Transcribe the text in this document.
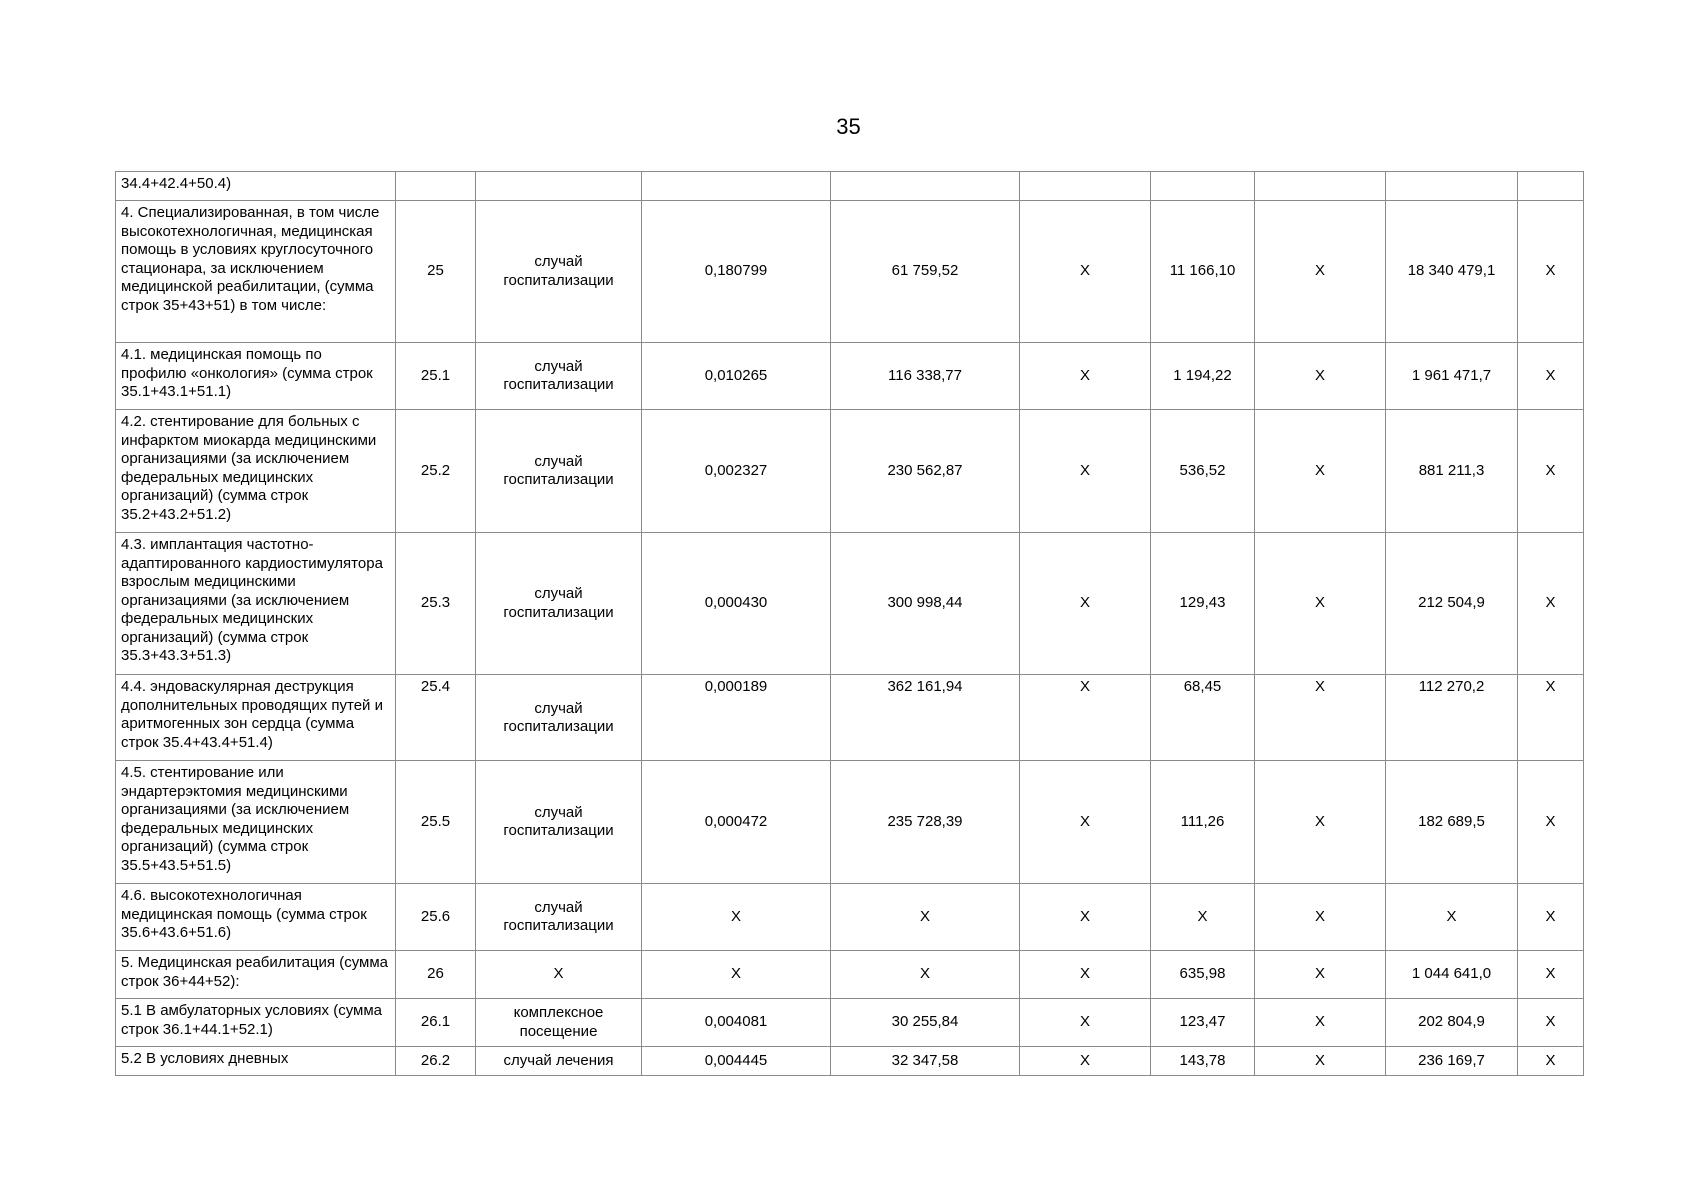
35
34.4+42.4+50.4)									
4. Специализированная, в том числе высокотехнологичная, медицинская помощь в условиях круглосуточного стационара, за исключением медицинской реабилитации, (сумма строк 35+43+51) в том числе:	25	случай госпитализации	0,180799	61 759,52	X	11 166,10	X	18 340 479,1	X
4.1. медицинская помощь по профилю «онкология» (сумма строк 35.1+43.1+51.1)	25.1	случай госпитализации	0,010265	116 338,77	X	1 194,22	X	1 961 471,7	X
4.2. стентирование для больных с инфарктом миокарда медицинскими организациями (за исключением федеральных медицинских организаций) (сумма строк 35.2+43.2+51.2)	25.2	случай госпитализации	0,002327	230 562,87	X	536,52	X	881 211,3	X
4.3. имплантация частотно-адаптированного кардиостимулятора взрослым медицинскими организациями (за исключением федеральных медицинских организаций) (сумма строк 35.3+43.3+51.3)	25.3	случай госпитализации	0,000430	300 998,44	X	129,43	X	212 504,9	X
4.4. эндоваскулярная деструкция дополнительных проводящих путей и аритмогенных зон сердца (сумма строк 35.4+43.4+51.4)	25.4	случай госпитализации	0,000189	362 161,94	X	68,45	X	112 270,2	X
4.5. стентирование или эндартерэктомия медицинскими организациями (за исключением федеральных медицинских организаций) (сумма строк 35.5+43.5+51.5)	25.5	случай госпитализации	0,000472	235 728,39	X	111,26	X	182 689,5	X
4.6. высокотехнологичная медицинская помощь (сумма строк 35.6+43.6+51.6)	25.6	случай госпитализации	X	X	X	X	X	X	X
5. Медицинская реабилитация (сумма строк 36+44+52):	26	X	X	X	X	635,98	X	1 044 641,0	X
5.1 В амбулаторных условиях (сумма строк 36.1+44.1+52.1)	26.1	комплексное посещение	0,004081	30 255,84	X	123,47	X	202 804,9	X
5.2 В условиях дневных	26.2	случай лечения	0,004445	32 347,58	X	143,78	X	236 169,7	X
